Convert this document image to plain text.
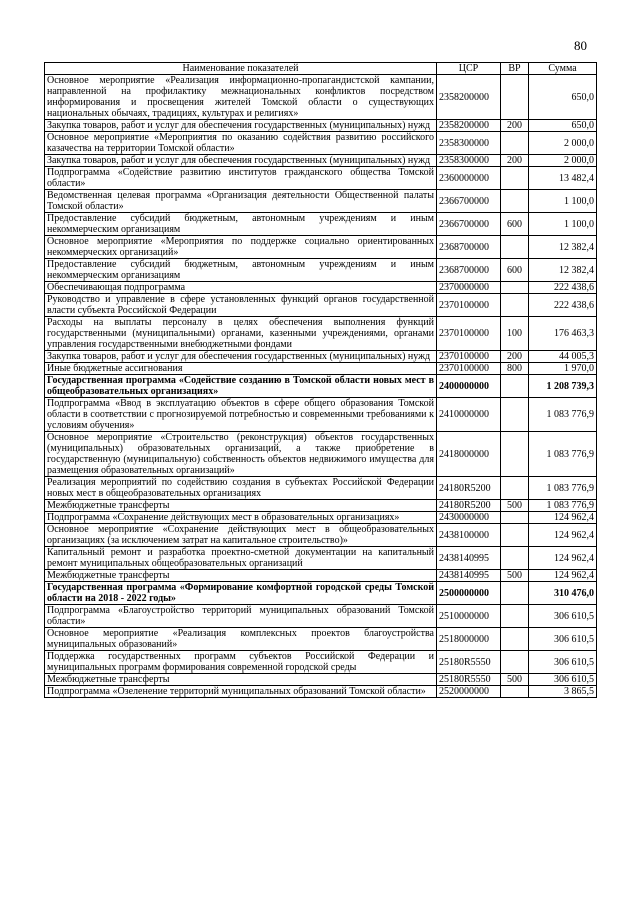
80
Наименование показателей	ЦСР	ВР	Сумма
Основное мероприятие «Реализация информационно-пропагандистской кампании, направленной на профилактику межнациональных конфликтов посредством информирования и просвещения жителей Томской области о существующих национальных обычаях, традициях, культурах и религиях»	2358200000		650,0
Закупка товаров, работ и услуг для обеспечения государственных (муниципальных) нужд	2358200000	200	650,0
Основное мероприятие «Мероприятия по оказанию содействия развитию российского казачества на территории Томской области»	2358300000		2 000,0
Закупка товаров, работ и услуг для обеспечения государственных (муниципальных) нужд	2358300000	200	2 000,0
Подпрограмма «Содействие развитию институтов гражданского общества Томской области»	2360000000		13 482,4
Ведомственная целевая программа «Организация деятельности Общественной палаты Томской области»	2366700000		1 100,0
Предоставление субсидий бюджетным, автономным учреждениям и иным некоммерческим организациям	2366700000	600	1 100,0
Основное мероприятие «Мероприятия по поддержке социально ориентированных некоммерческих организаций»	2368700000		12 382,4
Предоставление субсидий бюджетным, автономным учреждениям и иным некоммерческим организациям	2368700000	600	12 382,4
Обеспечивающая подпрограмма	2370000000		222 438,6
Руководство и управление в сфере установленных функций органов государственной власти субъекта Российской Федерации	2370100000		222 438,6
Расходы на выплаты персоналу в целях обеспечения выполнения функций государственными (муниципальными) органами, казенными учреждениями, органами управления государственными внебюджетными фондами	2370100000	100	176 463,3
Закупка товаров, работ и услуг для обеспечения государственных (муниципальных) нужд	2370100000	200	44 005,3
Иные бюджетные ассигнования	2370100000	800	1 970,0
Государственная программа «Содействие созданию в Томской области новых мест в общеобразовательных организациях»	2400000000		1 208 739,3
Подпрограмма «Ввод в эксплуатацию объектов в сфере общего образования Томской области в соответствии с прогнозируемой потребностью и современными требованиями к условиям обучения»	2410000000		1 083 776,9
Основное мероприятие «Строительство (реконструкция) объектов государственных (муниципальных) образовательных организаций, а также приобретение в государственную (муниципальную) собственность объектов недвижимого имущества для размещения образовательных организаций»	2418000000		1 083 776,9
Реализация мероприятий по содействию создания в субъектах Российской Федерации новых мест в общеобразовательных организациях	24180R5200		1 083 776,9
Межбюджетные трансферты	24180R5200	500	1 083 776,9
Подпрограмма «Сохранение действующих мест в образовательных организациях»	2430000000		124 962,4
Основное мероприятие «Сохранение действующих мест в общеобразовательных организациях (за исключением затрат на капитальное строительство)»	2438100000		124 962,4
Капитальный ремонт и разработка проектно-сметной документации на капитальный ремонт муниципальных общеобразовательных организаций	2438140995		124 962,4
Межбюджетные трансферты	2438140995	500	124 962,4
Государственная программа «Формирование комфортной городской среды Томской области на 2018 - 2022 годы»	2500000000		310 476,0
Подпрограмма «Благоустройство территорий муниципальных образований Томской области»	2510000000		306 610,5
Основное мероприятие «Реализация комплексных проектов благоустройства муниципальных образований»	2518000000		306 610,5
Поддержка государственных программ субъектов Российской Федерации и муниципальных программ формирования современной городской среды	25180R5550		306 610,5
Межбюджетные трансферты	25180R5550	500	306 610,5
Подпрограмма «Озеленение территорий муниципальных образований Томской области»	2520000000		3 865,5
